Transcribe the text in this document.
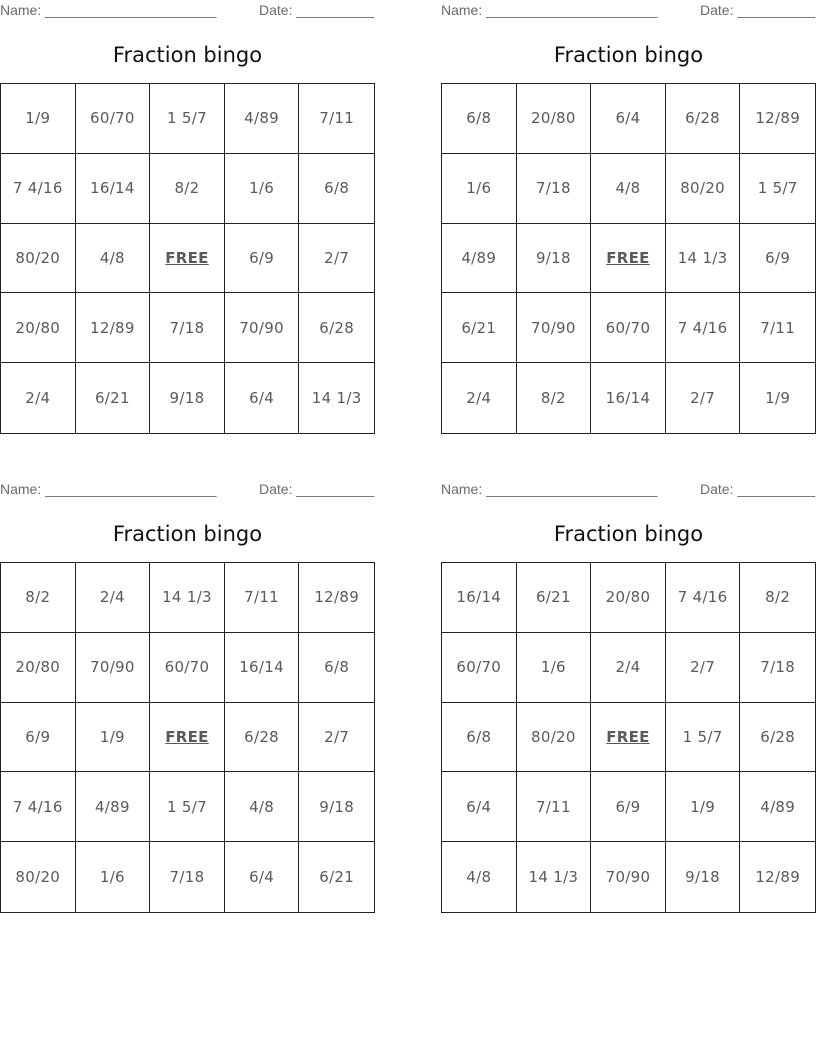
Name: ______________________	Date: __________
Fraction bingo
1/9	60/70	1 5/7	4/89	7/11
7 4/16	16/14	8/2	1/6	6/8
80/20	4/8	FREE	6/9	2/7
20/80	12/89	7/18	70/90	6/28
2/4	6/21	9/18	6/4	14 1/3
Name: ______________________	Date: __________
Fraction bingo
6/8	20/80	6/4	6/28	12/89
1/6	7/18	4/8	80/20	1 5/7
4/89	9/18	FREE	14 1/3	6/9
6/21	70/90	60/70	7 4/16	7/11
2/4	8/2	16/14	2/7	1/9
Name: ______________________	Date: __________
Fraction bingo
8/2	2/4	14 1/3	7/11	12/89
20/80	70/90	60/70	16/14	6/8
6/9	1/9	FREE	6/28	2/7
7 4/16	4/89	1 5/7	4/8	9/18
80/20	1/6	7/18	6/4	6/21
Name: ______________________	Date: __________
Fraction bingo
16/14	6/21	20/80	7 4/16	8/2
60/70	1/6	2/4	2/7	7/18
6/8	80/20	FREE	1 5/7	6/28
6/4	7/11	6/9	1/9	4/89
4/8	14 1/3	70/90	9/18	12/89
